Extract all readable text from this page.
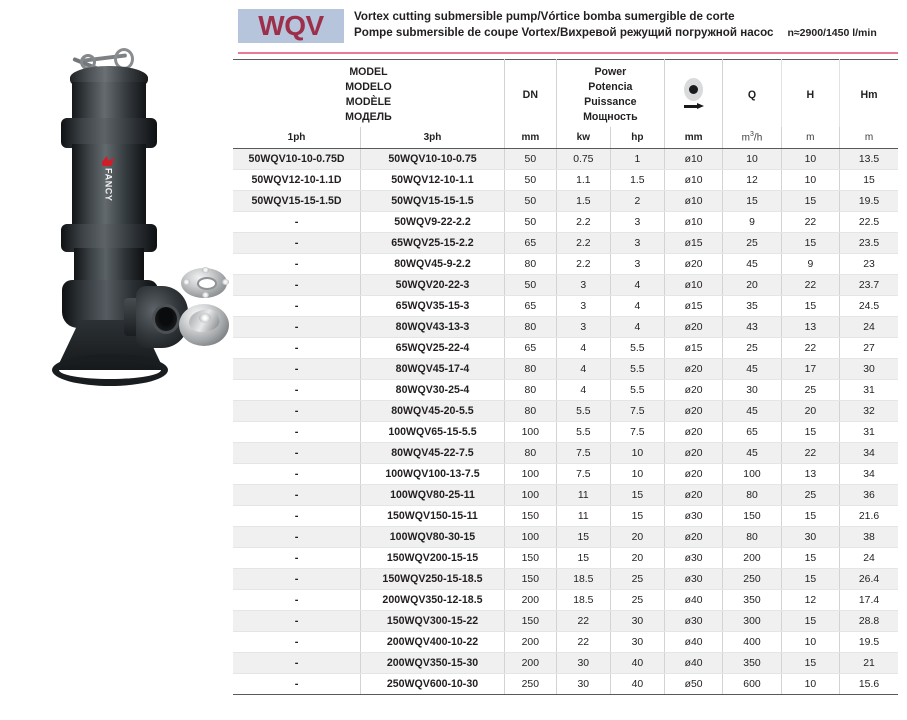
FANCY
WQV	Vortex cutting submersible pump/Vórtice bomba sumergible de corte
Pompe submersible de coupe Vortex/Вихревой режущий погружной насос n≈2900/1450 l/min
MODEL
MODELO
MODÈLE
МОДЕЛЬ		DN	Power
Potencia
Puissance
Мощность			Q	H	Hm
1ph	3ph	mm	kw	hp	mm	$m^3/h$	m	m
50WQV10-10-0.75D	50WQV10-10-0.75	50	0.75	1	ø10	10	10	13.5
50WQV12-10-1.1D	50WQV12-10-1.1	50	1.1	1.5	ø10	12	10	15
50WQV15-15-1.5D	50WQV15-15-1.5	50	1.5	2	ø10	15	15	19.5
-	50WQV9-22-2.2	50	2.2	3	ø10	9	22	22.5
-	65WQV25-15-2.2	65	2.2	3	ø15	25	15	23.5
-	80WQV45-9-2.2	80	2.2	3	ø20	45	9	23
-	50WQV20-22-3	50	3	4	ø10	20	22	23.7
-	65WQV35-15-3	65	3	4	ø15	35	15	24.5
-	80WQV43-13-3	80	3	4	ø20	43	13	24
-	65WQV25-22-4	65	4	5.5	ø15	25	22	27
-	80WQV45-17-4	80	4	5.5	ø20	45	17	30
-	80WQV30-25-4	80	4	5.5	ø20	30	25	31
-	80WQV45-20-5.5	80	5.5	7.5	ø20	45	20	32
-	100WQV65-15-5.5	100	5.5	7.5	ø20	65	15	31
-	80WQV45-22-7.5	80	7.5	10	ø20	45	22	34
-	100WQV100-13-7.5	100	7.5	10	ø20	100	13	34
-	100WQV80-25-11	100	11	15	ø20	80	25	36
-	150WQV150-15-11	150	11	15	ø30	150	15	21.6
-	100WQV80-30-15	100	15	20	ø20	80	30	38
-	150WQV200-15-15	150	15	20	ø30	200	15	24
-	150WQV250-15-18.5	150	18.5	25	ø30	250	15	26.4
-	200WQV350-12-18.5	200	18.5	25	ø40	350	12	17.4
-	150WQV300-15-22	150	22	30	ø30	300	15	28.8
-	200WQV400-10-22	200	22	30	ø40	400	10	19.5
-	200WQV350-15-30	200	30	40	ø40	350	15	21
-	250WQV600-10-30	250	30	40	ø50	600	10	15.6
